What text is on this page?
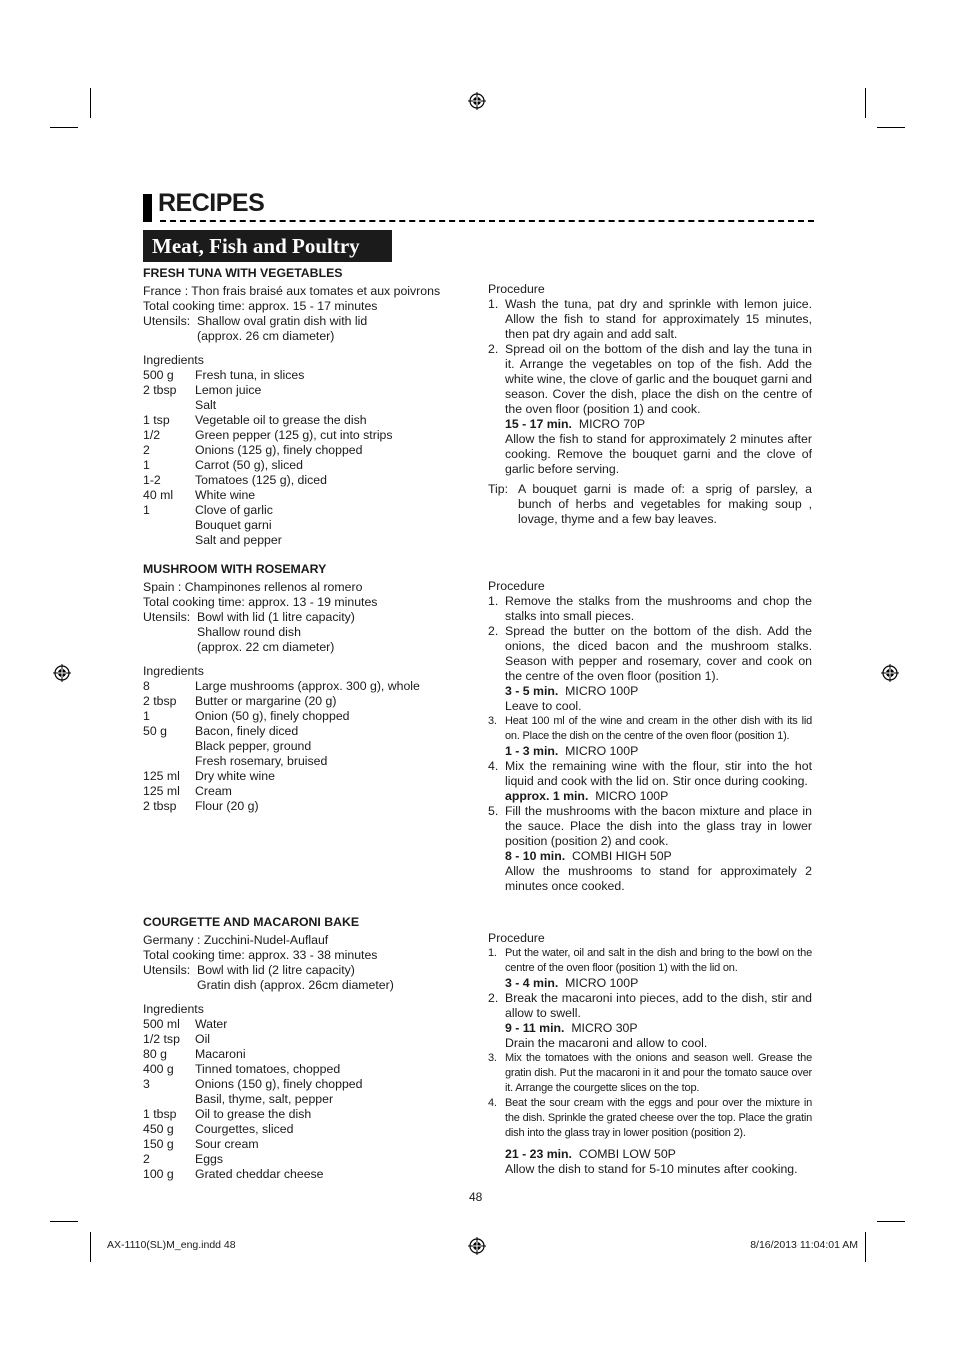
RECIPES
Meat, Fish and Poultry
FRESH TUNA WITH VEGETABLES
France : Thon frais braisé aux tomates et aux poivrons
Total cooking time: approx. 15 - 17 minutes
Utensils: Shallow oval gratin dish with lid
(approx. 26 cm diameter)
Ingredients
500 g	Fresh tuna, in slices
2 tbsp	Lemon juice
Salt
1 tsp	Vegetable oil to grease the dish
1/2	Green pepper (125 g), cut into strips
2	Onions (125 g), finely chopped
1	Carrot (50 g), sliced
1-2	Tomatoes (125 g), diced
40 ml	White wine
1	Clove of garlic
Bouquet garni
Salt and pepper
Procedure
1. Wash the tuna, pat dry and sprinkle with lemon juice. Allow the fish to stand for approximately 15 minutes, then pat dry again and add salt.
2. Spread oil on the bottom of the dish and lay the tuna in it. Arrange the vegetables on top of the fish. Add the white wine, the clove of garlic and the bouquet garni and season. Cover the dish, place the dish on the centre of the oven floor (position 1) and cook.
15 - 17 min. MICRO 70P
Allow the fish to stand for approximately 2 minutes after cooking. Remove the bouquet garni and the clove of garlic before serving.
Tip: A bouquet garni is made of: a sprig of parsley, a bunch of herbs and vegetables for making soup , lovage, thyme and a few bay leaves.
MUSHROOM WITH ROSEMARY
Spain : Champinones rellenos al romero
Total cooking time: approx. 13 - 19 minutes
Utensils: Bowl with lid (1 litre capacity)
Shallow round dish
(approx. 22 cm diameter)
Ingredients
8	Large mushrooms (approx. 300 g), whole
2 tbsp	Butter or margarine (20 g)
1	Onion (50 g), finely chopped
50 g	Bacon, finely diced
Black pepper, ground
Fresh rosemary, bruised
125 ml	Dry white wine
125 ml	Cream
2 tbsp	Flour (20 g)
Procedure
1. Remove the stalks from the mushrooms and chop the stalks into small pieces.
2. Spread the butter on the bottom of the dish. Add the onions, the diced bacon and the mushroom stalks. Season with pepper and rosemary, cover and cook on the centre of the oven floor (position 1).
3 - 5 min. MICRO 100P
Leave to cool.
3. Heat 100 ml of the wine and cream in the other dish with its lid on. Place the dish on the centre of the oven floor (position 1).
1 - 3 min. MICRO 100P
4. Mix the remaining wine with the flour, stir into the hot liquid and cook with the lid on. Stir once during cooking.
approx. 1 min. MICRO 100P
5. Fill the mushrooms with the bacon mixture and place in the sauce. Place the dish into the glass tray in lower position (position 2) and cook.
8 - 10 min. COMBI HIGH 50P
Allow the mushrooms to stand for approximately 2 minutes once cooked.
COURGETTE AND MACARONI BAKE
Germany : Zucchini-Nudel-Auflauf
Total cooking time: approx. 33 - 38 minutes
Utensils: Bowl with lid (2 litre capacity)
Gratin dish (approx. 26cm diameter)
Ingredients
500 ml	Water
1/2 tsp	Oil
80 g	Macaroni
400 g	Tinned tomatoes, chopped
3	Onions (150 g), finely chopped
Basil, thyme, salt, pepper
1 tbsp	Oil to grease the dish
450 g	Courgettes, sliced
150 g	Sour cream
2	Eggs
100 g	Grated cheddar cheese
Procedure
1. Put the water, oil and salt in the dish and bring to the bowl on the centre of the oven floor (position 1) with the lid on.
3 - 4 min. MICRO 100P
2. Break the macaroni into pieces, add to the dish, stir and allow to swell.
9 - 11 min. MICRO 30P
Drain the macaroni and allow to cool.
3. Mix the tomatoes with the onions and season well. Grease the gratin dish. Put the macaroni in it and pour the tomato sauce over it. Arrange the courgette slices on the top.
4. Beat the sour cream with the eggs and pour over the mixture in the dish. Sprinkle the grated cheese over the top. Place the gratin dish into the glass tray in lower position (position 2).
21 - 23 min. COMBI LOW 50P
Allow the dish to stand for 5-10 minutes after cooking.
48
AX-1110(SL)M_eng.indd 48	8/16/2013 11:04:01 AM
